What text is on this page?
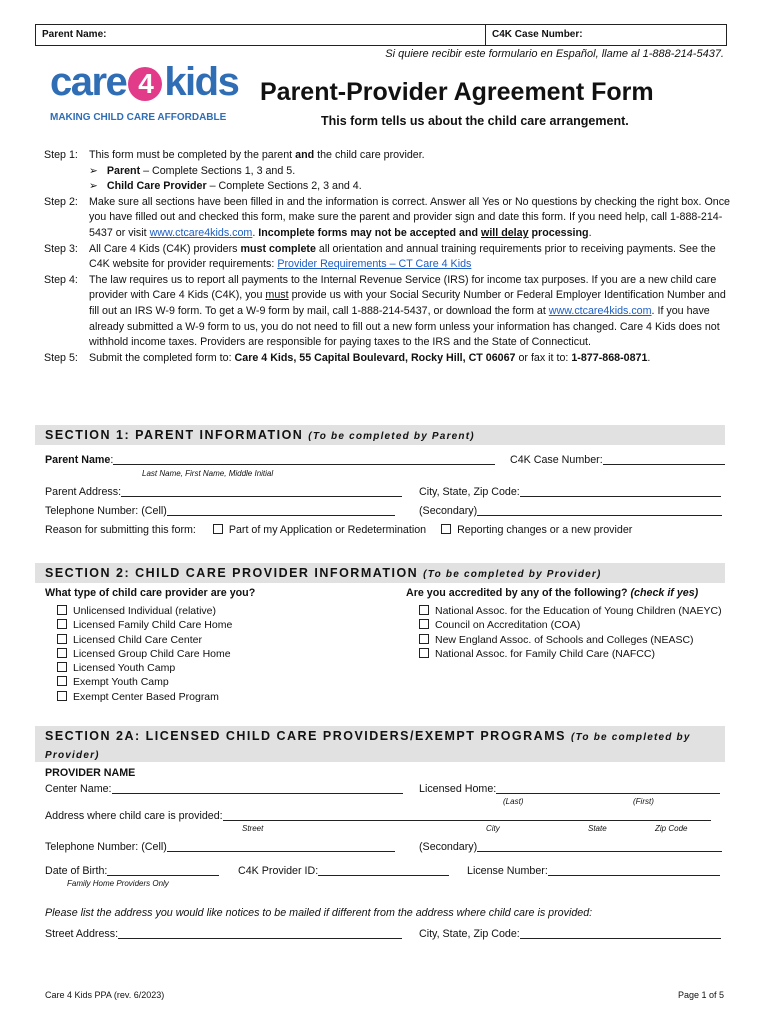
Parent Name:	C4K Case Number:
Si quiere recibir este formulario en Español, llame al 1-888-214-5437.
care 4 kids
MAKING CHILD CARE AFFORDABLE
Parent-Provider Agreement Form
This form tells us about the child care arrangement.
Step 1:	This form must be completed by the parent and the child care provider.
➢   Parent – Complete Sections 1, 3 and 5.
➢   Child Care Provider – Complete Sections 2, 3 and 4.
Step 2:	Make sure all sections have been filled in and the information is correct. Answer all Yes or No questions by checking the right box. Once you have filled out and checked this form, make sure the parent and provider sign and date this form. If you need help, call 1-888-214-5437 or visit www.ctcare4kids.com. Incomplete forms may not be accepted and will delay processing.
Step 3:	All Care 4 Kids (C4K) providers must complete all orientation and annual training requirements prior to receiving payments. See the C4K website for provider requirements: Provider Requirements – CT Care 4 Kids
Step 4:	The law requires us to report all payments to the Internal Revenue Service (IRS) for income tax purposes. If you are a new child care provider with Care 4 Kids (C4K), you must provide us with your Social Security Number or Federal Employer Identification Number and fill out an IRS W-9 form. To get a W-9 form by mail, call 1-888-214-5437, or download the form at www.ctcare4kids.com. If you have already submitted a W-9 form to us, you do not need to fill out a new form unless your information has changed. Care 4 Kids does not withhold income taxes. Providers are responsible for paying taxes to the IRS and the State of Connecticut.
Step 5:	Submit the completed form to: Care 4 Kids, 55 Capital Boulevard, Rocky Hill, CT 06067 or fax it to: 1-877-868-0871.
SECTION 1: PARENT INFORMATION (To be completed by Parent)
Parent Name:	C4K Case Number:
Last Name, First Name, Middle Initial
Parent Address:	City, State, Zip Code:
Telephone Number: (Cell)	(Secondary)
Reason for submitting this form:	Part of my Application or Redetermination	Reporting changes or a new provider
SECTION 2: CHILD CARE PROVIDER INFORMATION (To be completed by Provider)
What type of child care provider are you?	Are you accredited by any of the following? (check if yes)
Unlicensed Individual (relative)
Licensed Family Child Care Home
Licensed Child Care Center
Licensed Group Child Care Home
Licensed Youth Camp
Exempt Youth Camp
Exempt Center Based Program
National Assoc. for the Education of Young Children (NAEYC)
Council on Accreditation (COA)
New England Assoc. of Schools and Colleges (NEASC)
National Assoc. for Family Child Care (NAFCC)
SECTION 2A: LICENSED CHILD CARE PROVIDERS/EXEMPT PROGRAMS (To be completed by
Provider)
PROVIDER NAME
Center Name:	Licensed Home:
(Last)	(First)
Address where child care is provided:
Street	City	State	Zip Code
Telephone Number: (Cell)	(Secondary)
Date of Birth:	C4K Provider ID:	License Number:
Family Home Providers Only
Please list the address you would like notices to be mailed if different from the address where child care is provided:
Street Address:	City, State, Zip Code:
Care 4 Kids PPA (rev. 6/2023)	Page 1 of 5
